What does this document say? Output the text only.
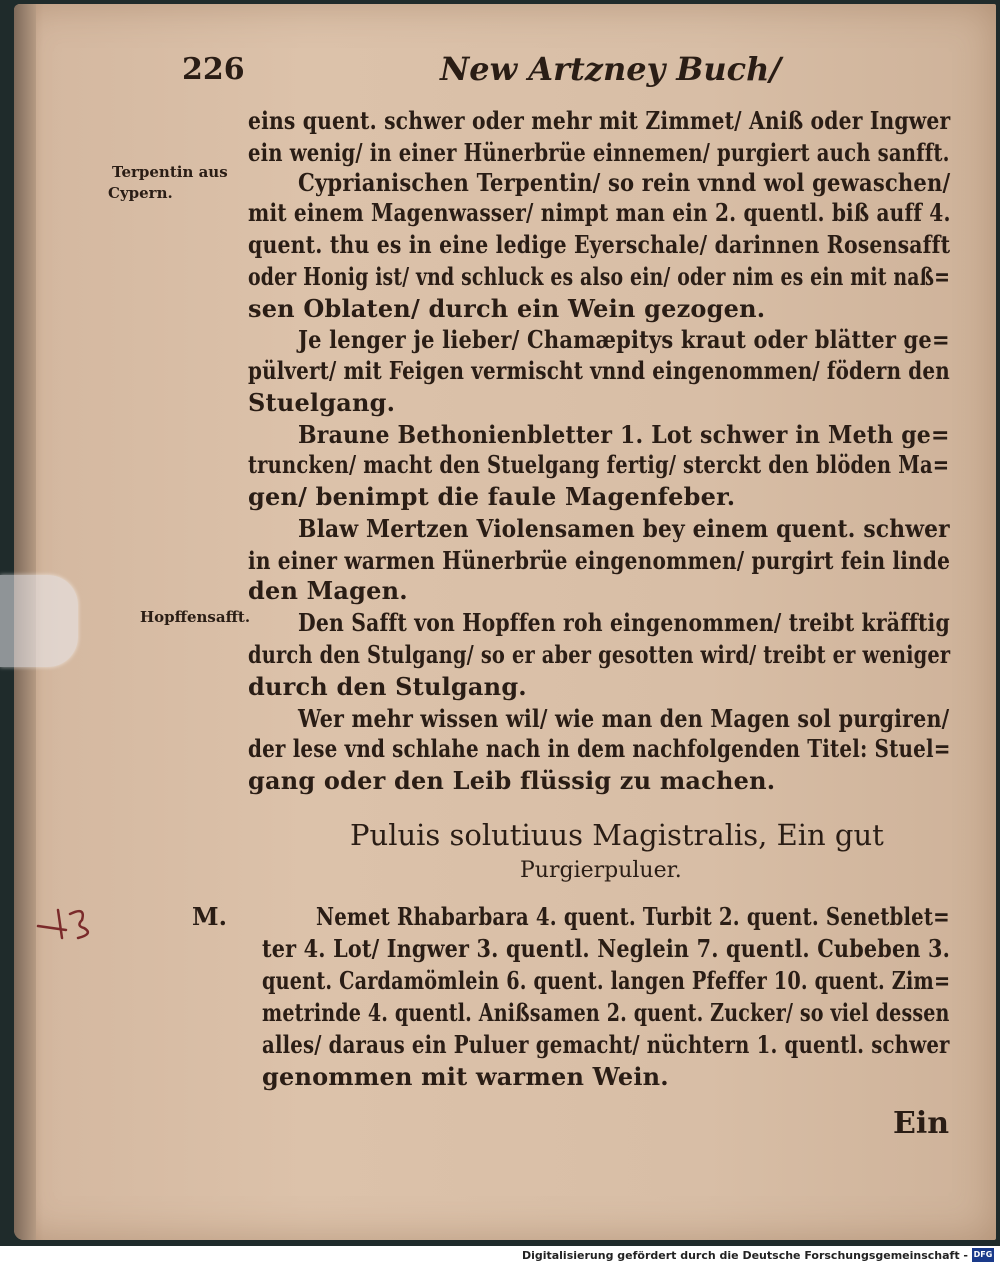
226	New Artzney Buch/
Terpentin aus
Cypern.
Hopffensafft.
eins quent. schwer oder mehr mit Zimmet/ Aniß oder Ingwer
ein wenig/ in einer Hünerbrüe einnemen/ purgiert auch sanfft.
Cyprianischen Terpentin/ so rein vnnd wol gewaschen/
mit einem Magenwasser/ nimpt man ein 2. quentl. biß auff 4.
quent. thu es in eine ledige Eyerschale/ darinnen Rosensafft
oder Honig ist/ vnd schluck es also ein/ oder nim es ein mit naß=
sen Oblaten/ durch ein Wein gezogen.
Je lenger je lieber/ Chamæpitys kraut oder blätter ge=
pülvert/ mit Feigen vermischt vnnd eingenommen/ födern den
Stuelgang.
Braune Bethonienbletter 1. Lot schwer in Meth ge=
truncken/ macht den Stuelgang fertig/ sterckt den blöden Ma=
gen/ benimpt die faule Magenfeber.
Blaw Mertzen Violensamen bey einem quent. schwer
in einer warmen Hünerbrüe eingenommen/ purgirt fein linde
den Magen.
Den Safft von Hopffen roh eingenommen/ treibt kräfftig
durch den Stulgang/ so er aber gesotten wird/ treibt er weniger
durch den Stulgang.
Wer mehr wissen wil/ wie man den Magen sol purgiren/
der lese vnd schlahe nach in dem nachfolgenden Titel: Stuel=
gang oder den Leib flüssig zu machen.
Puluis solutiuus Magistralis, Ein gut
Purgierpuluer.
M.	Nemet Rhabarbara 4. quent. Turbit 2. quent. Senetblet=
ter 4. Lot/ Ingwer 3. quentl. Neglein 7. quentl. Cubeben 3.
quent. Cardamömlein 6. quent. langen Pfeffer 10. quent. Zim=
metrinde 4. quentl. Anißsamen 2. quent. Zucker/ so viel dessen
alles/ daraus ein Puluer gemacht/ nüchtern 1. quentl. schwer
genommen mit warmen Wein.
Ein
Digitalisierung gefördert durch die Deutsche Forschungsgemeinschaft - DFG
